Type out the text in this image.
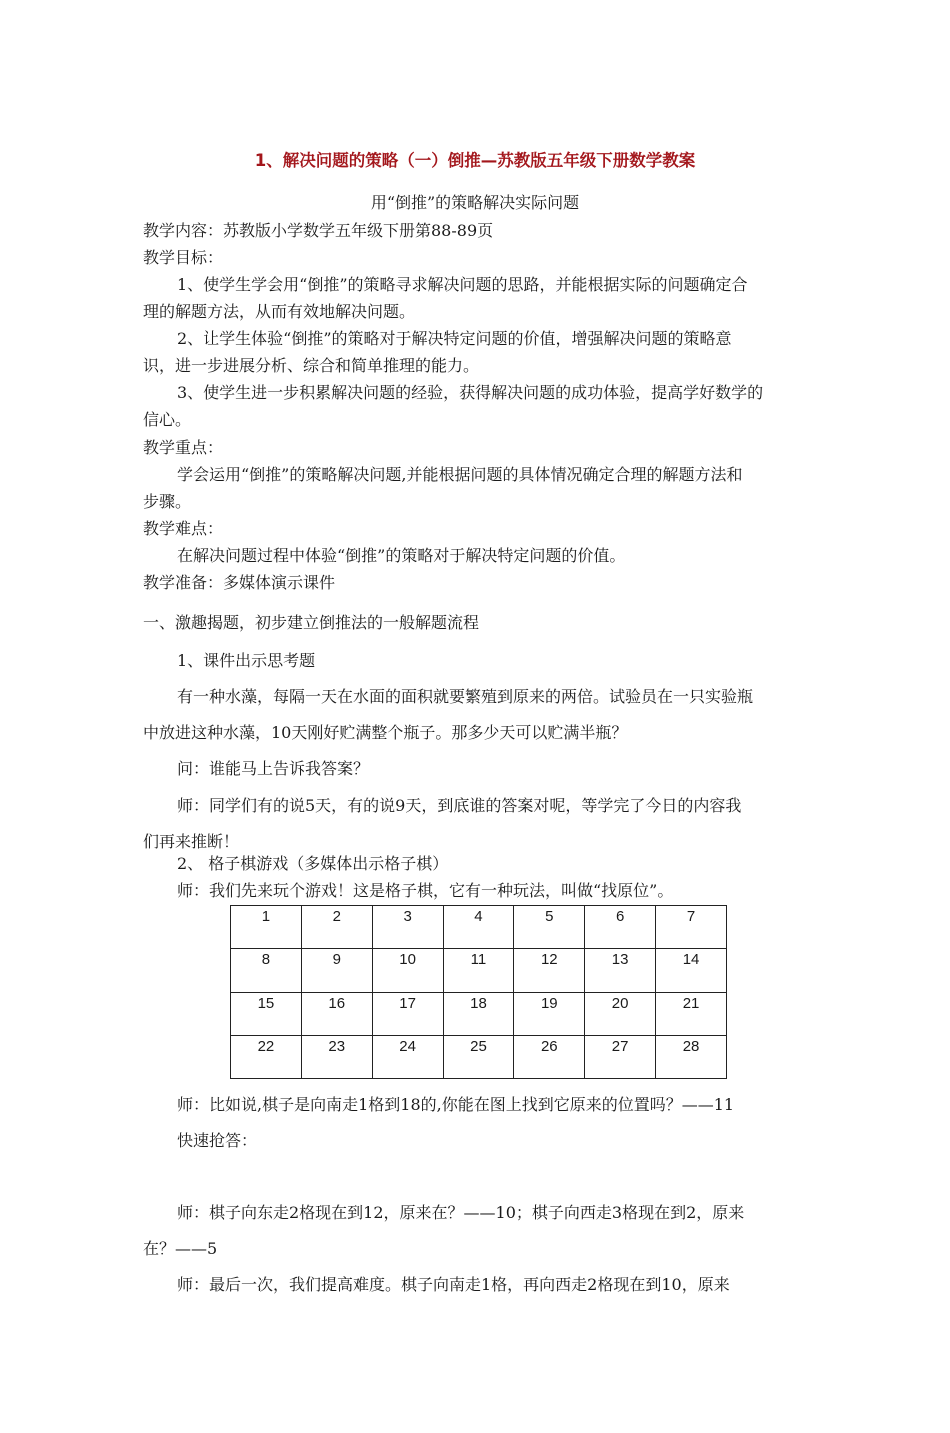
1、解决问题的策略（一）倒推—苏教版五年级下册数学教案
用“倒推”的策略解决实际问题
教学内容：苏教版小学数学五年级下册第88-89页
教学目标：
1、使学生学会用“倒推”的策略寻求解决问题的思路，并能根据实际的问题确定合
理的解题方法，从而有效地解决问题。
2、让学生体验“倒推”的策略对于解决特定问题的价值，增强解决问题的策略意
识，进一步进展分析、综合和简单推理的能力。
3、使学生进一步积累解决问题的经验，获得解决问题的成功体验，提高学好数学的
信心。
教学重点：
学会运用“倒推”的策略解决问题,并能根据问题的具体情况确定合理的解题方法和
步骤。
教学难点：
在解决问题过程中体验“倒推”的策略对于解决特定问题的价值。
教学准备：多媒体演示课件
一、激趣揭题，初步建立倒推法的一般解题流程
1、课件出示思考题
有一种水藻，每隔一天在水面的面积就要繁殖到原来的两倍。试验员在一只实验瓶
中放进这种水藻，10天刚好贮满整个瓶子。那多少天可以贮满半瓶？
问：谁能马上告诉我答案？
师：同学们有的说5天，有的说9天，到底谁的答案对呢，等学完了今日的内容我
们再来推断！
2、 格子棋游戏（多媒体出示格子棋）
师：我们先来玩个游戏！这是格子棋，它有一种玩法，叫做“找原位”。
1	2	3	4	5	6	7
8	9	10	11	12	13	14
15	16	17	18	19	20	21
22	23	24	25	26	27	28
师：比如说,棋子是向南走1格到18的,你能在图上找到它原来的位置吗？——11
快速抢答：
师：棋子向东走2格现在到12，原来在？——10；棋子向西走3格现在到2，原来
在？——5
师：最后一次，我们提高难度。棋子向南走1格，再向西走2格现在到10，原来
